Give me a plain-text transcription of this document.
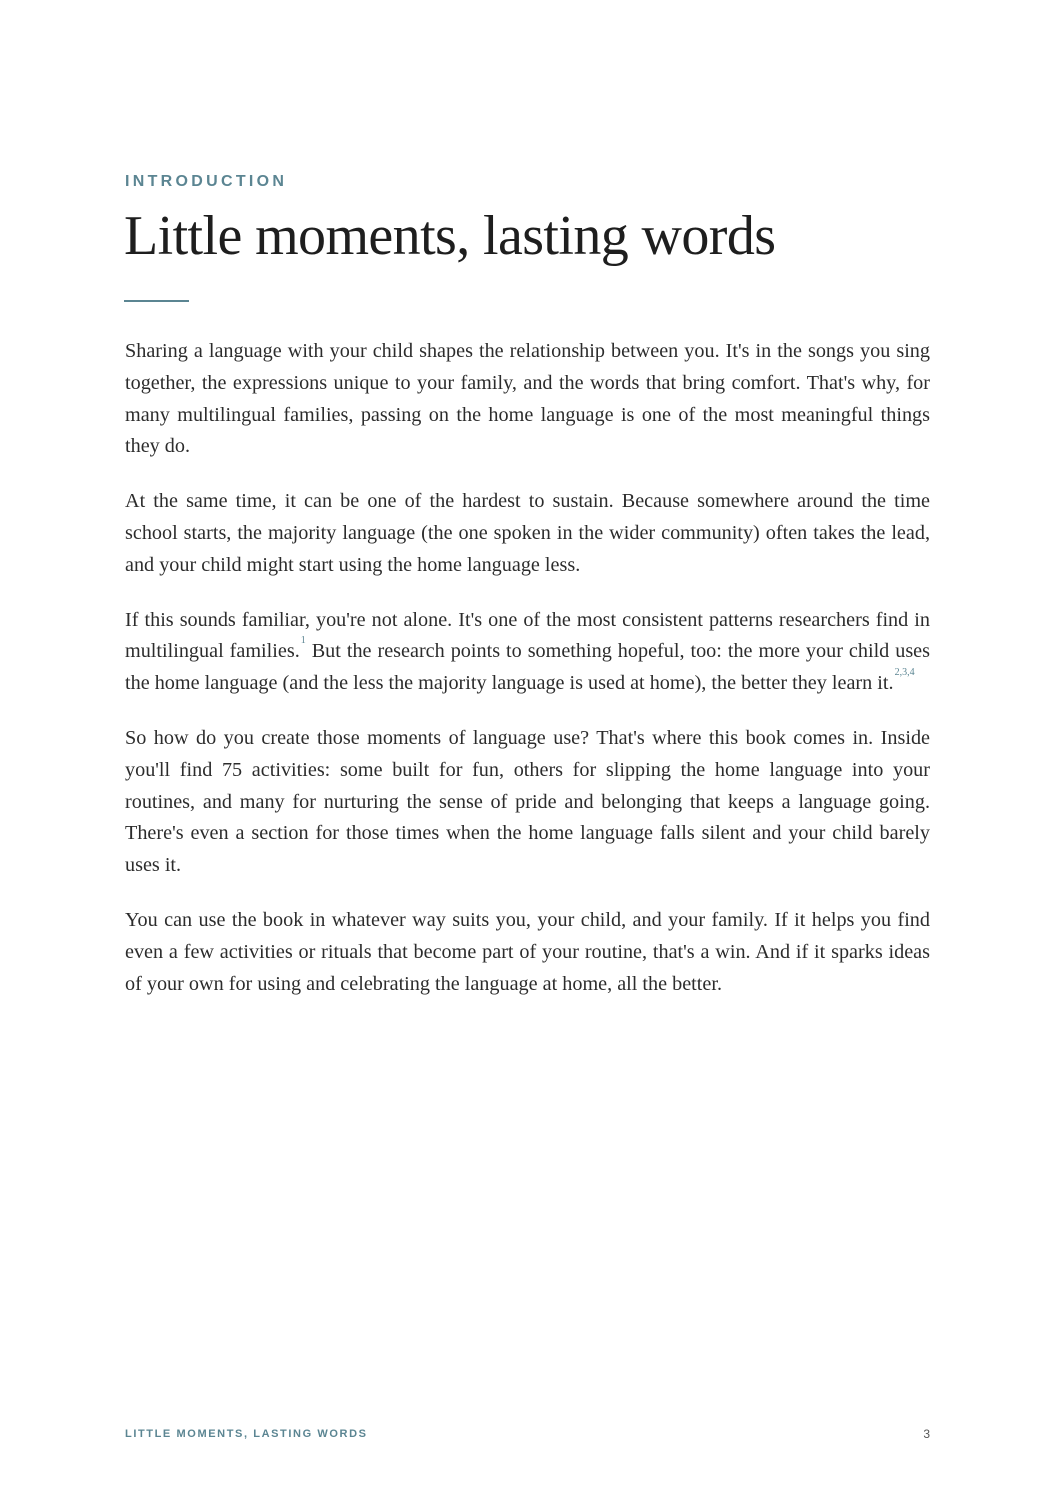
INTRODUCTION
Little moments, lasting words

Sharing a language with your child shapes the relationship between you. It's in the songs you sing together, the expressions unique to your family, and the words that bring comfort. That's why, for many multilingual families, passing on the home language is one of the most meaningful things they do.

At the same time, it can be one of the hardest to sustain. Because somewhere around the time school starts, the majority language (the one spoken in the wider community) often takes the lead, and your child might start using the home language less.

If this sounds familiar, you're not alone. It's one of the most consistent patterns researchers find in multilingual families.$^1$ But the research points to something hopeful, too: the more your child uses the home language (and the less the majority language is used at home), the better they learn it.$^{2,3,4}$

So how do you create those moments of language use? That's where this book comes in. Inside you'll find 75 activities: some built for fun, others for slipping the home language into your routines, and many for nurturing the sense of pride and belonging that keeps a language going. There's even a section for those times when the home language falls silent and your child barely uses it.

You can use the book in whatever way suits you, your child, and your family. If it helps you find even a few activities or rituals that become part of your routine, that's a win. And if it sparks ideas of your own for using and celebrating the language at home, all the better.

LITTLE MOMENTS, LASTING WORDS	3
